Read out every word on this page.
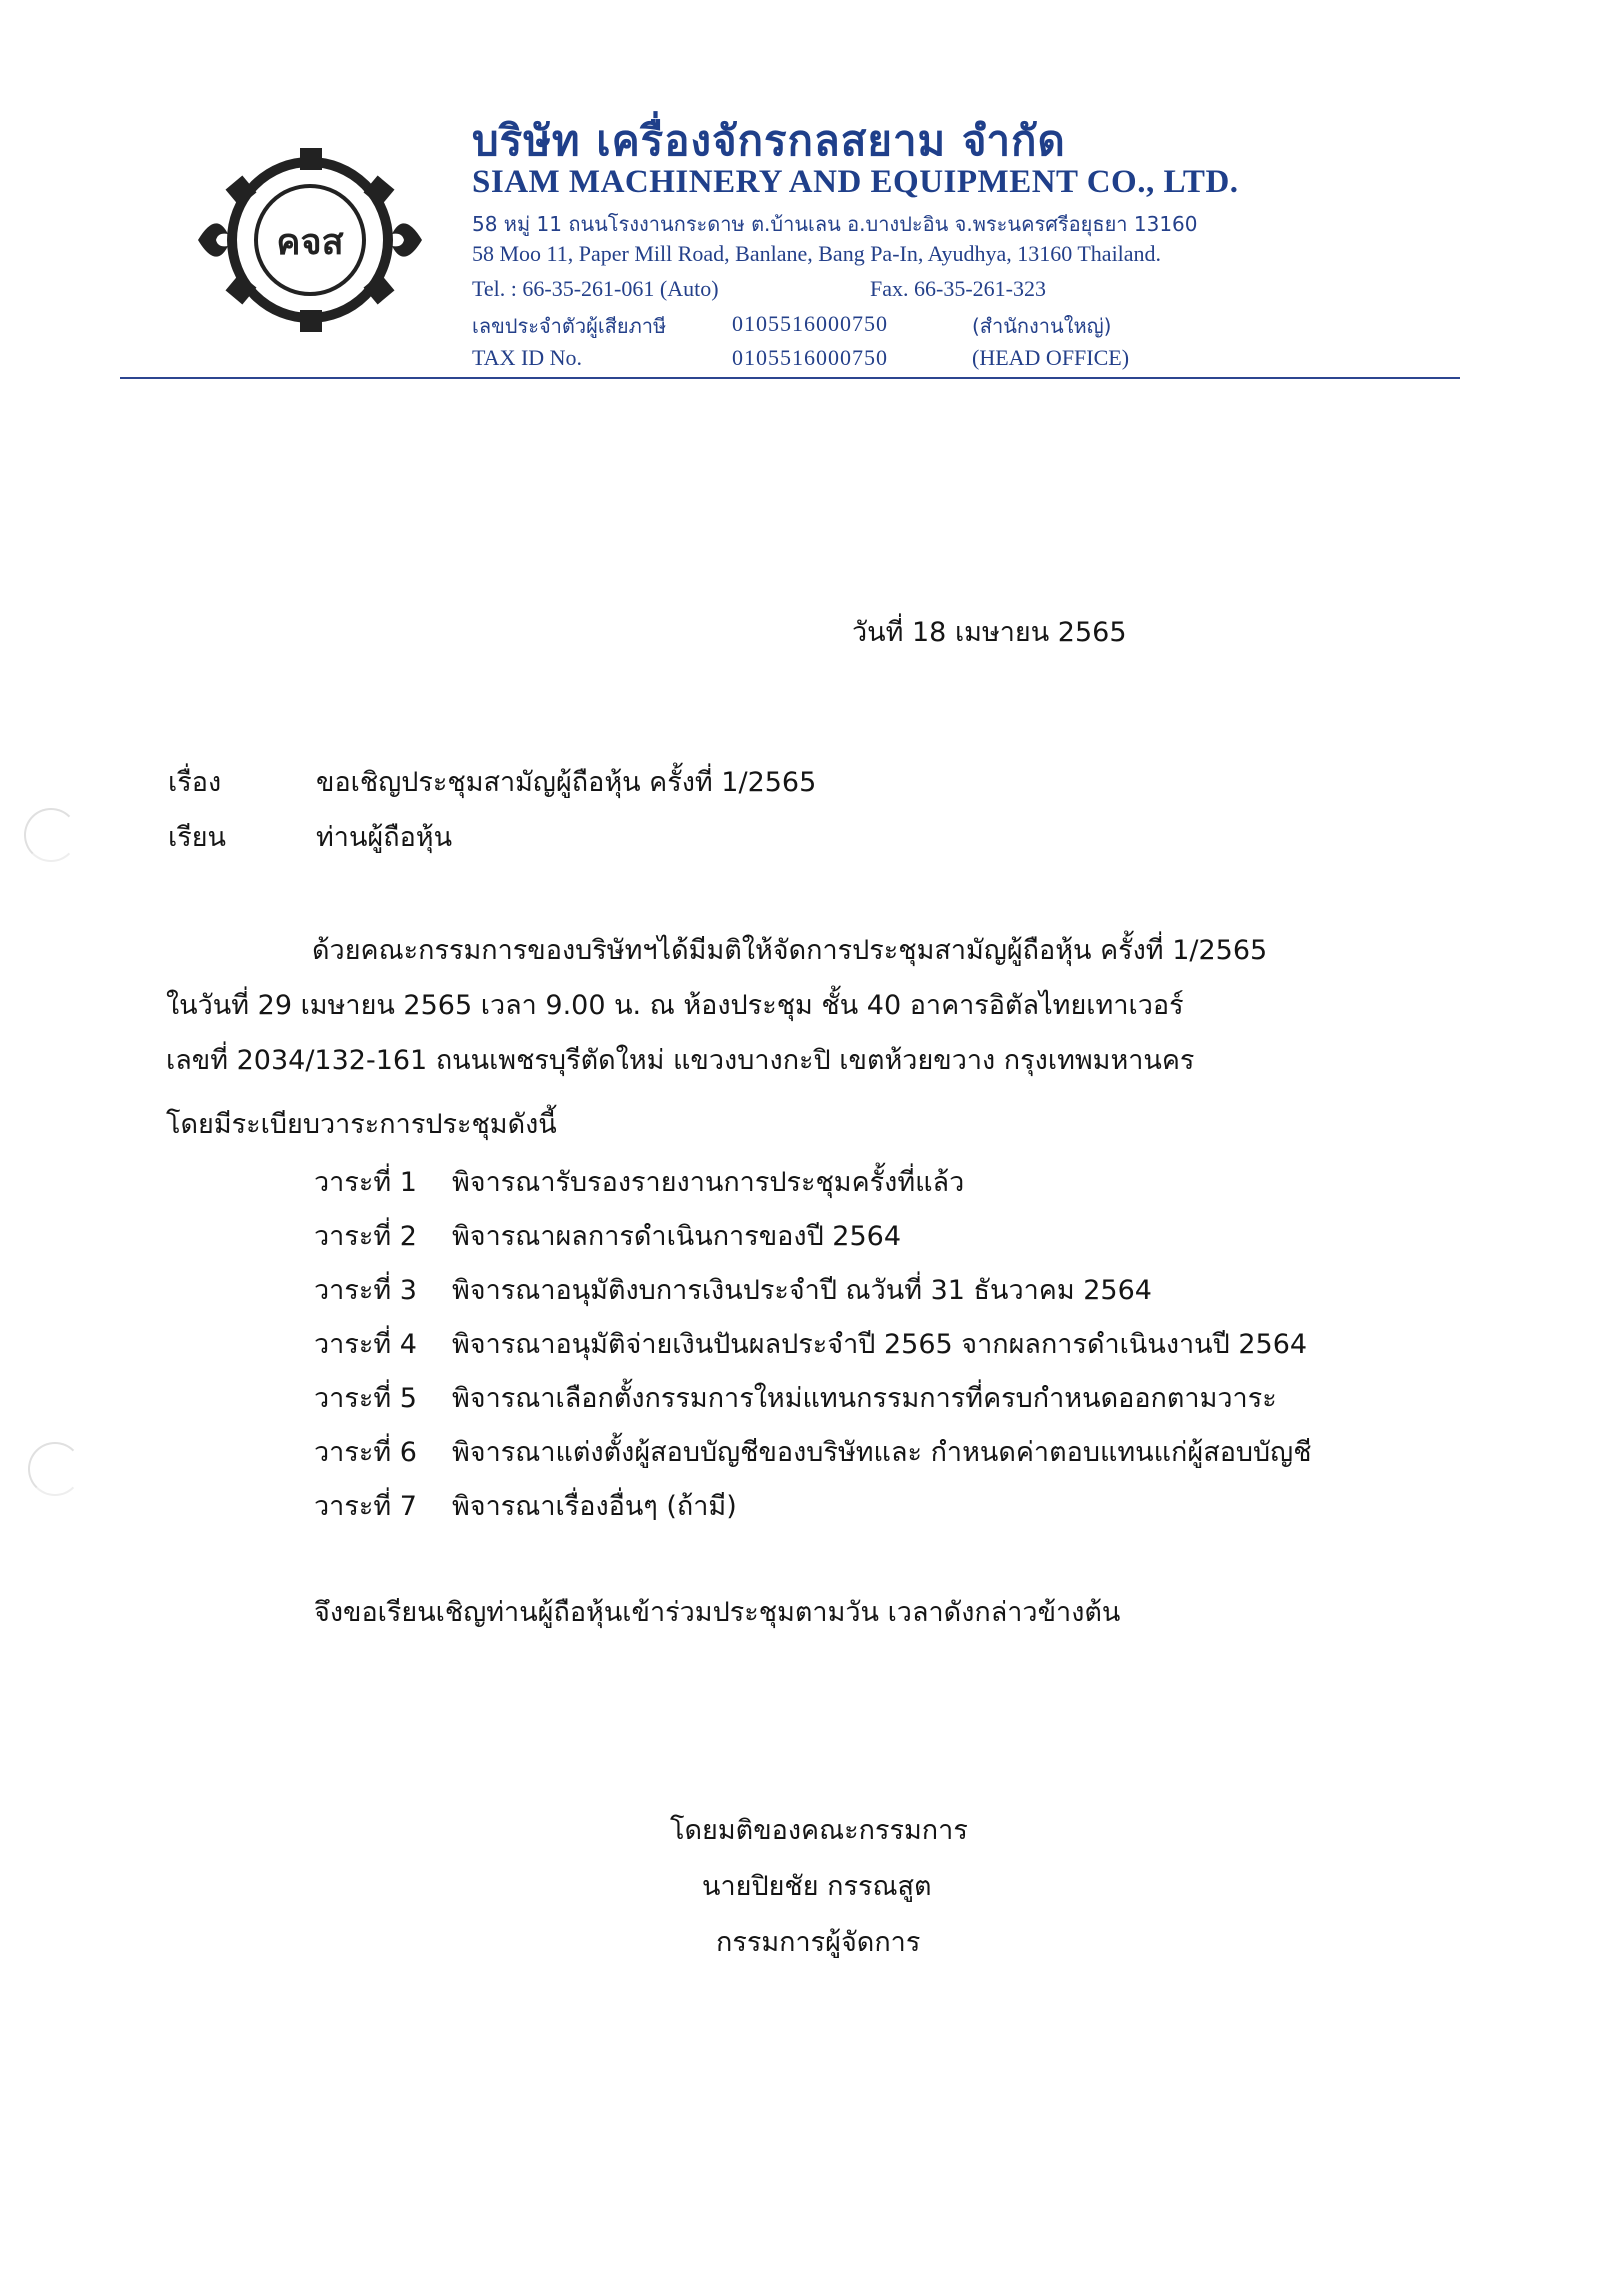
คจส
บริษัท เครื่องจักรกลสยาม จำกัด
SIAM MACHINERY AND EQUIPMENT CO., LTD.
58 หมู่ 11 ถนนโรงงานกระดาษ ต.บ้านเลน อ.บางปะอิน จ.พระนครศรีอยุธยา 13160
58 Moo 11, Paper Mill Road, Banlane, Bang Pa-In, Ayudhya, 13160 Thailand.
Tel. : 66-35-261-061 (Auto)	Fax. 66-35-261-323
เลขประจำตัวผู้เสียภาษี	0105516000750	(สำนักงานใหญ่)
TAX ID No.	0105516000750	(HEAD OFFICE)
วันที่ 18 เมษายน 2565
เรื่อง	ขอเชิญประชุมสามัญผู้ถือหุ้น ครั้งที่ 1/2565
เรียน	ท่านผู้ถือหุ้น
ด้วยคณะกรรมการของบริษัทฯได้มีมติให้จัดการประชุมสามัญผู้ถือหุ้น ครั้งที่ 1/2565
ในวันที่ 29 เมษายน 2565 เวลา 9.00 น. ณ ห้องประชุม ชั้น 40 อาคารอิตัลไทยเทาเวอร์
เลขที่ 2034/132-161 ถนนเพชรบุรีตัดใหม่ แขวงบางกะปิ เขตห้วยขวาง กรุงเทพมหานคร
โดยมีระเบียบวาระการประชุมดังนี้
วาระที่ 1 พิจารณารับรองรายงานการประชุมครั้งที่แล้ว
วาระที่ 2 พิจารณาผลการดำเนินการของปี 2564
วาระที่ 3 พิจารณาอนุมัติงบการเงินประจำปี ณวันที่ 31 ธันวาคม 2564
วาระที่ 4 พิจารณาอนุมัติจ่ายเงินปันผลประจำปี 2565 จากผลการดำเนินงานปี 2564
วาระที่ 5 พิจารณาเลือกตั้งกรรมการใหม่แทนกรรมการที่ครบกำหนดออกตามวาระ
วาระที่ 6 พิจารณาแต่งตั้งผู้สอบบัญชีของบริษัทและ กำหนดค่าตอบแทนแก่ผู้สอบบัญชี
วาระที่ 7 พิจารณาเรื่องอื่นๆ (ถ้ามี)
จึงขอเรียนเชิญท่านผู้ถือหุ้นเข้าร่วมประชุมตามวัน เวลาดังกล่าวข้างต้น
โดยมติของคณะกรรมการ
นายปิยชัย กรรณสูต
กรรมการผู้จัดการ
